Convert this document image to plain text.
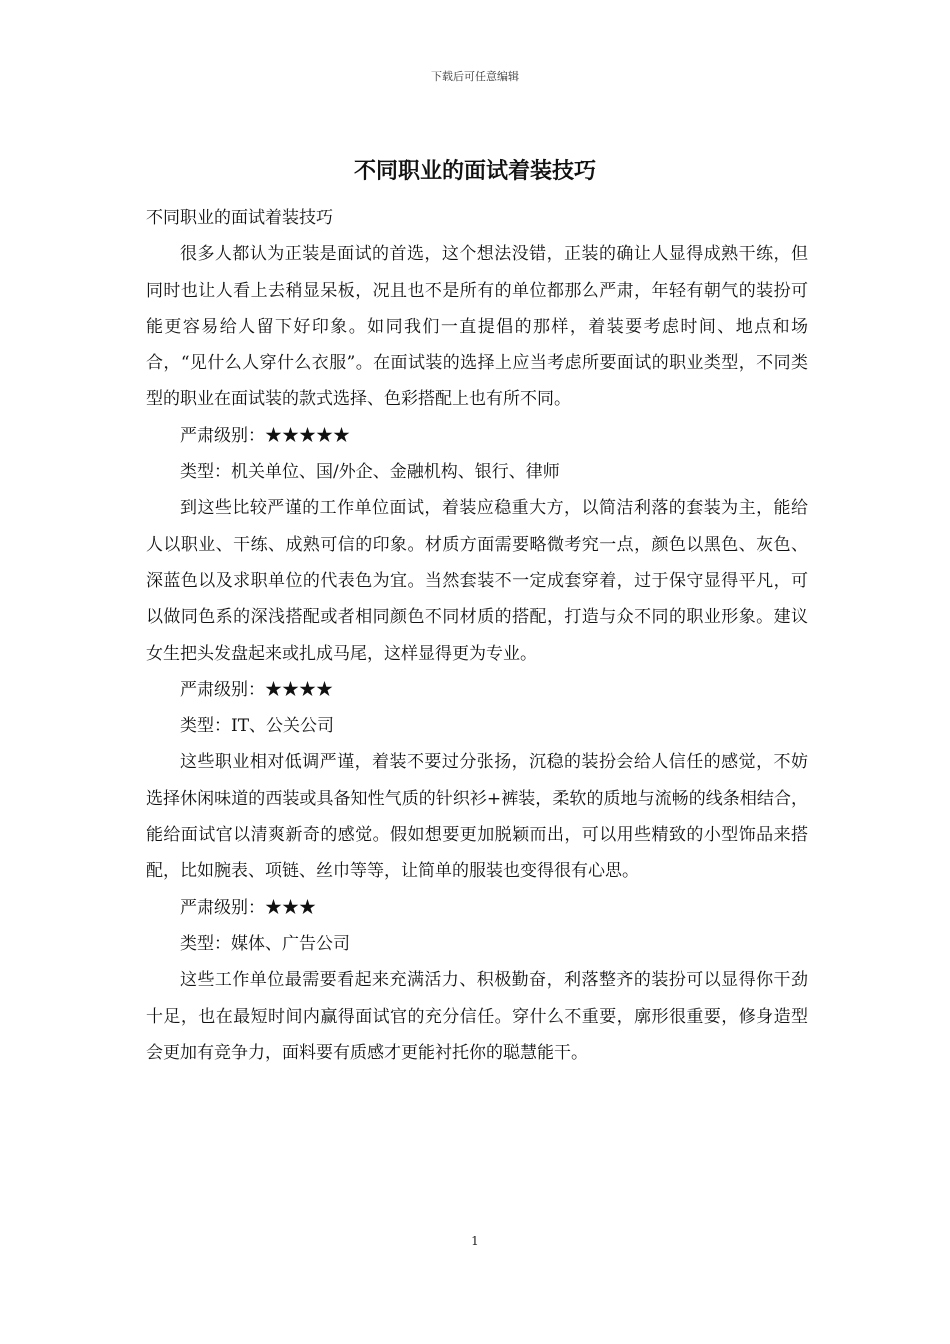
下载后可任意编辑
不同职业的面试着装技巧

不同职业的面试着装技巧

很多人都认为正装是面试的首选，这个想法没错，正装的确让人显得成熟干练，但同时也让人看上去稍显呆板，况且也不是所有的单位都那么严肃，年轻有朝气的装扮可能更容易给人留下好印象。如同我们一直提倡的那样，着装要考虑时间、地点和场合，“见什么人穿什么衣服”。在面试装的选择上应当考虑所要面试的职业类型，不同类型的职业在面试装的款式选择、色彩搭配上也有所不同。

严肃级别：★★★★★

类型：机关单位、国/外企、金融机构、银行、律师

到这些比较严谨的工作单位面试，着装应稳重大方，以简洁利落的套装为主，能给人以职业、干练、成熟可信的印象。材质方面需要略微考究一点，颜色以黑色、灰色、深蓝色以及求职单位的代表色为宜。当然套装不一定成套穿着，过于保守显得平凡，可以做同色系的深浅搭配或者相同颜色不同材质的搭配，打造与众不同的职业形象。建议女生把头发盘起来或扎成马尾，这样显得更为专业。

严肃级别：★★★★

类型：IT、公关公司

这些职业相对低调严谨，着装不要过分张扬，沉稳的装扮会给人信任的感觉，不妨选择休闲味道的西装或具备知性气质的针织衫+裤装，柔软的质地与流畅的线条相结合，能给面试官以清爽新奇的感觉。假如想要更加脱颖而出，可以用些精致的小型饰品来搭配，比如腕表、项链、丝巾等等，让简单的服装也变得很有心思。

严肃级别：★★★

类型：媒体、广告公司

这些工作单位最需要看起来充满活力、积极勤奋，利落整齐的装扮可以显得你干劲十足，也在最短时间内赢得面试官的充分信任。穿什么不重要，廓形很重要，修身造型会更加有竞争力，面料要有质感才更能衬托你的聪慧能干。

1
